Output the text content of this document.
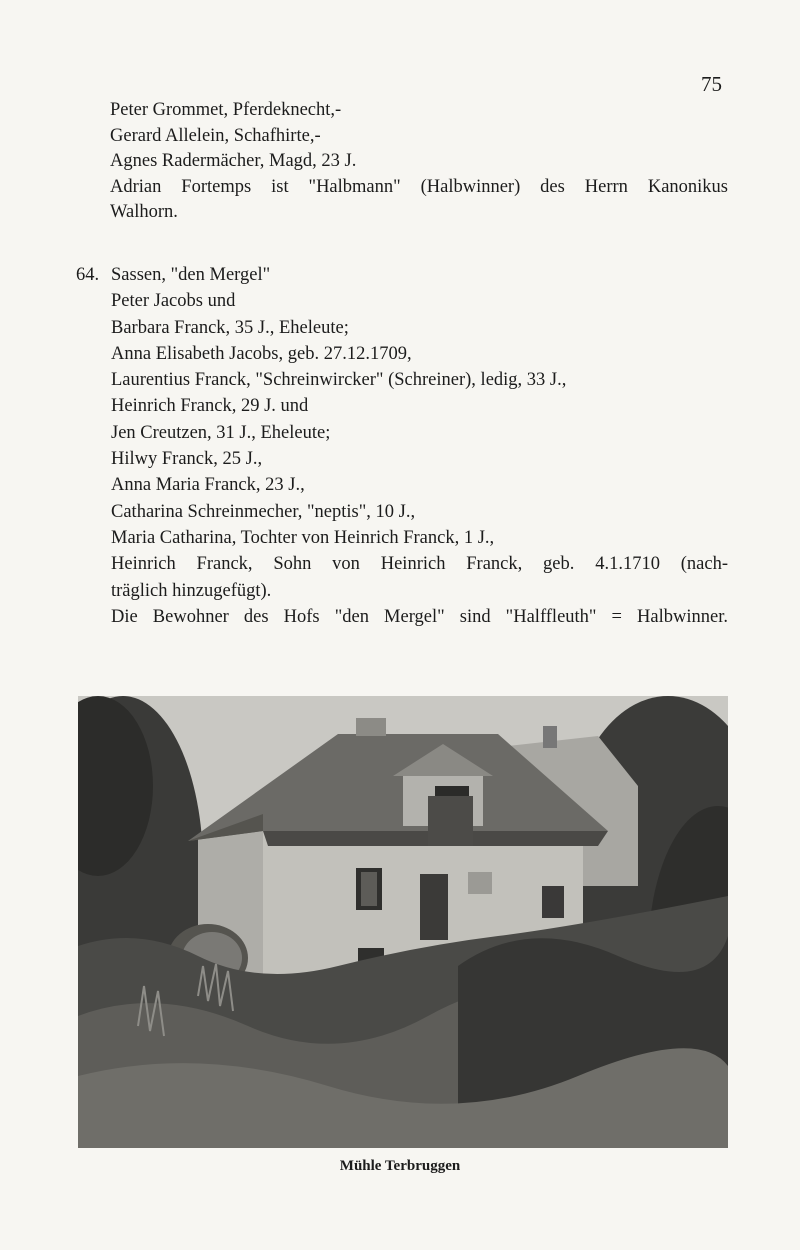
75
Peter Grommet, Pferdeknecht,-
Gerard Allelein, Schafhirte,-
Agnes Radermächer, Magd, 23 J.
Adrian Fortemps ist "Halbmann" (Halbwinner) des Herrn Kanonikus
Walhorn.
64. Sassen, "den Mergel"
Peter Jacobs und
Barbara Franck, 35 J., Eheleute;
Anna Elisabeth Jacobs, geb. 27.12.1709,
Laurentius Franck, "Schreinwircker" (Schreiner), ledig, 33 J.,
Heinrich Franck, 29 J. und
Jen Creutzen, 31 J., Eheleute;
Hilwy Franck, 25 J.,
Anna Maria Franck, 23 J.,
Catharina Schreinmecher, "neptis", 10 J.,
Maria Catharina, Tochter von Heinrich Franck, 1 J.,
Heinrich Franck, Sohn von Heinrich Franck, geb. 4.1.1710 (nach-
träglich hinzugefügt).
Die Bewohner des Hofs "den Mergel" sind "Halffleuth" = Halbwinner.
Mühle Terbruggen
